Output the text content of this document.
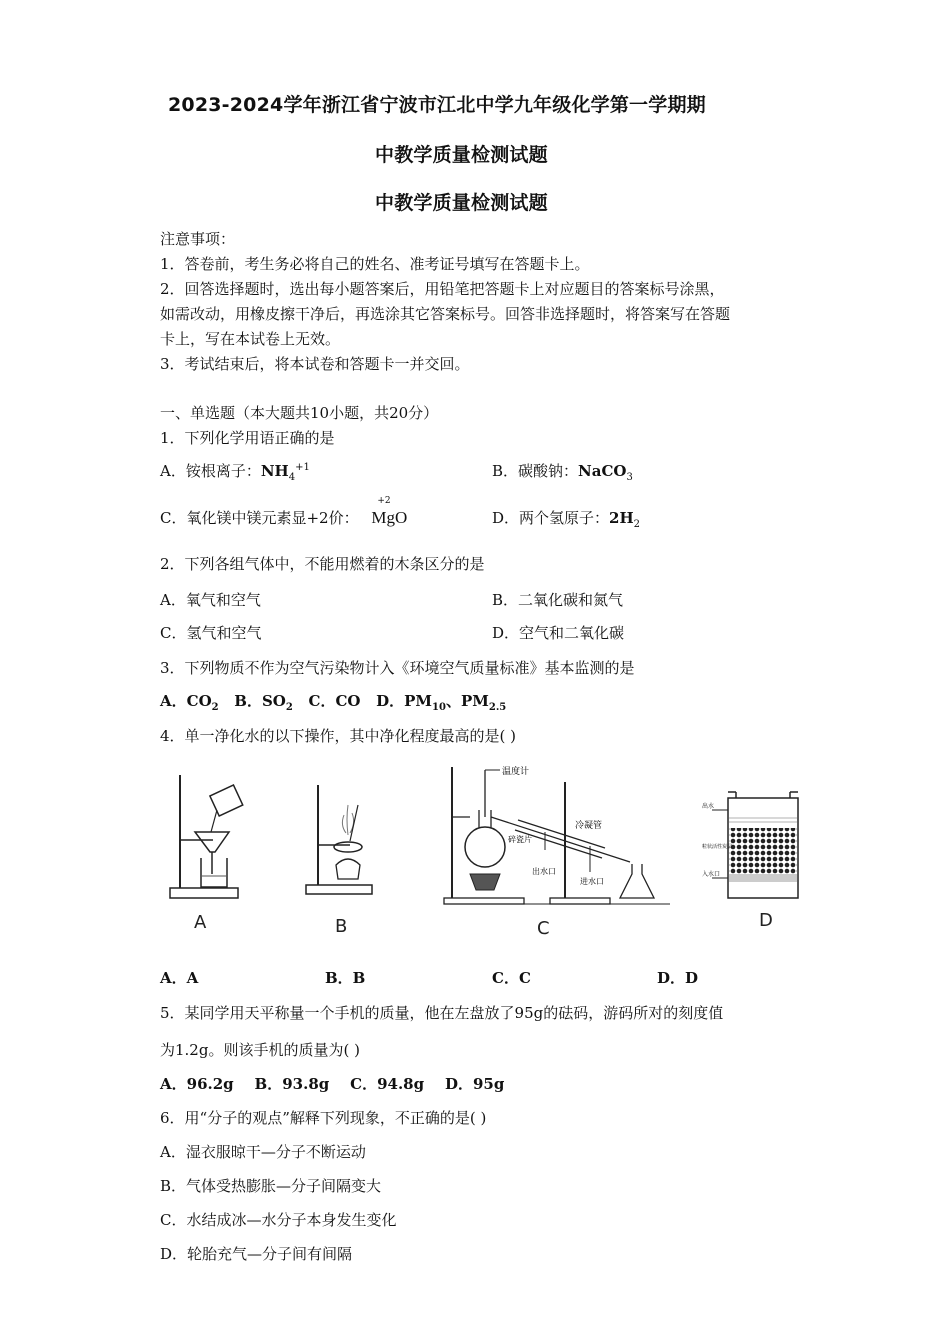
2023-2024学年浙江省宁波市江北中学九年级化学第一学期期
中教学质量检测试题
中教学质量检测试题
注意事项：
1．答卷前，考生务必将自己的姓名、准考证号填写在答题卡上。
2．回答选择题时，选出每小题答案后，用铅笔把答题卡上对应题目的答案标号涂黑，
如需改动，用橡皮擦干净后，再选涂其它答案标号。回答非选择题时，将答案写在答题
卡上，写在本试卷上无效。
3．考试结束后，将本试卷和答题卡一并交回。
一、单选题（本大题共10小题，共20分）
1．下列化学用语正确的是
A．铵根离子：$NH_4^{+1}$	B．碳酸钠：NaCO$_3$
C．氧化镁中镁元素显+2价：
+2
MgO	D．两个氢原子：$2H_2$
2．下列各组气体中，不能用燃着的木条区分的是
A．氧气和空气	B．二氧化碳和氮气
C．氢气和空气	D．空气和二氧化碳
3．下列物质不作为空气污染物计入《环境空气质量标准》基本监测的是
A．$CO_2$ B．$SO_2$ C．CO D．$PM_{10}$、$PM_{2.5}$
4．单一净化水的以下操作，其中净化程度最高的是( )
A	B
温度计
碎瓷片
冷凝管
出水口
进水口
C
出水
粒状活性炭层
入水口
D
A．A	B．B	C．C	D．D
5．某同学用天平称量一个手机的质量，他在左盘放了95g的砝码，游码所对的刻度值
为1.2g。则该手机的质量为( )
A．96.2g    B．93.8g    C．94.8g    D．95g
6．用“分子的观点”解释下列现象，不正确的是( )
A．湿衣服晾干—分子不断运动
B．气体受热膨胀—分子间隔变大
C．水结成冰—水分子本身发生变化
D．轮胎充气—分子间有间隔
